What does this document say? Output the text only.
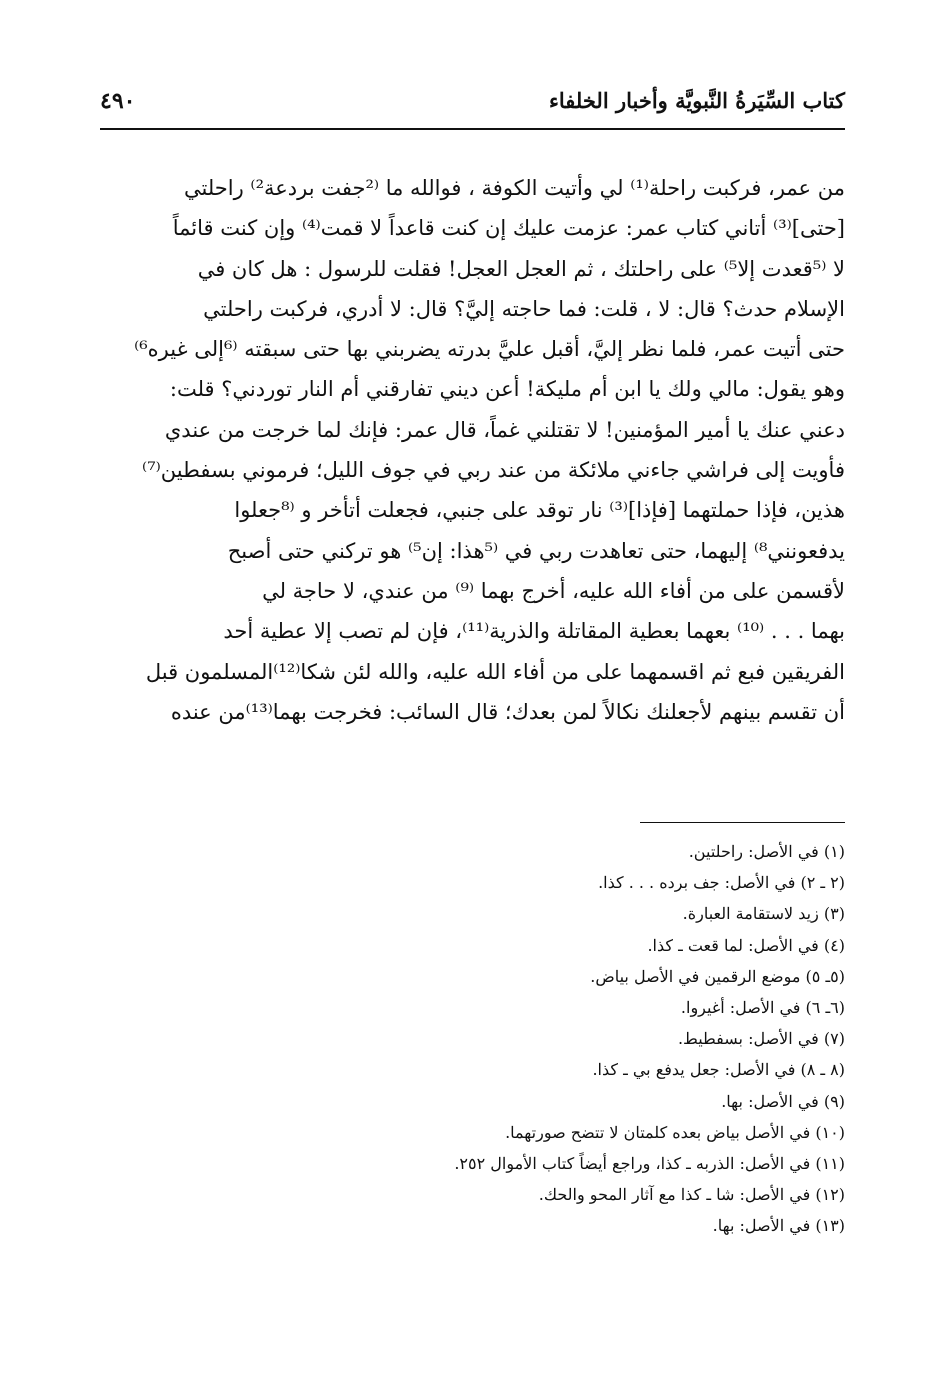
كتاب السِّيَرةُ النَّبويَّة وأخبار الخلفاء
٤٩٠
من عمر، فركبت راحلة⁽¹⁾ لي وأتيت الكوفة ، فوالله ما ⁽²جفت بردعة²⁾ راحلتي
[حتى]⁽³⁾ أتاني كتاب عمر: عزمت عليك إن كنت قاعداً لا قمت⁽⁴⁾ وإن كنت قائماً
لا ⁽⁵قعدت إلا⁵⁾ على راحلتك ، ثم العجل العجل! فقلت للرسول : هل كان في
الإسلام حدث؟ قال: لا ، قلت: فما حاجته إليَّ؟ قال: لا أدري، فركبت راحلتي
حتى أتيت عمر، فلما نظر إليَّ، أقبل عليَّ بدرته يضربني بها حتى سبقته ⁽⁶إلى غيره⁶⁾
وهو يقول: مالي ولك يا ابن أم مليكة! أعن ديني تفارقني أم النار توردني؟ قلت:
دعني عنك يا أمير المؤمنين! لا تقتلني غماً، قال عمر: فإنك لما خرجت من عندي
فأويت إلى فراشي جاءني ملائكة من عند ربي في جوف الليل؛ فرموني بسفطين⁽⁷⁾
هذين، فإذا حملتهما [فإذا]⁽³⁾ نار توقد على جنبي، فجعلت أتأخر و ⁽⁸جعلوا
يدفعونني⁸⁾ إليهما، حتى تعاهدت ربي في ⁽⁵هذا: إن⁵⁾ هو تركني حتى أصبح
لأقسمن على من أفاء الله عليه، أخرج بهما ⁽⁹⁾ من عندي، لا حاجة لي
بهما . . . ⁽¹⁰⁾ بعهما بعطية المقاتلة والذرية⁽¹¹⁾، فإن لم تصب إلا عطية أحد
الفريقين فبع ثم اقسمهما على من أفاء الله عليه، والله لئن شكا⁽¹²⁾المسلمون قبل
أن تقسم بينهم لأجعلنك نكالاً لمن بعدك؛ قال السائب: فخرجت بهما⁽¹³⁾من عنده
(١) في الأصل: راحلتين.
(٢ ـ ٢) في الأصل: جف برده . . . كذا.
(٣) زيد لاستقامة العبارة.
(٤) في الأصل: لما قعت ـ كذا.
(٥ـ ٥) موضع الرقمين في الأصل بياض.
(٦ـ ٦) في الأصل: أغيروا.
(٧) في الأصل: بسفطيط.
(٨ ـ ٨) في الأصل: جعل يدفع بي ـ كذا.
(٩) في الأصل: بها.
(١٠) في الأصل بياض بعده كلمتان لا تتضح صورتهما.
(١١) في الأصل: الذربه ـ كذا، وراجع أيضاً كتاب الأموال ٢٥٢.
(١٢) في الأصل: شا ـ كذا مع آثار المحو والحك.
(١٣) في الأصل: بها.
